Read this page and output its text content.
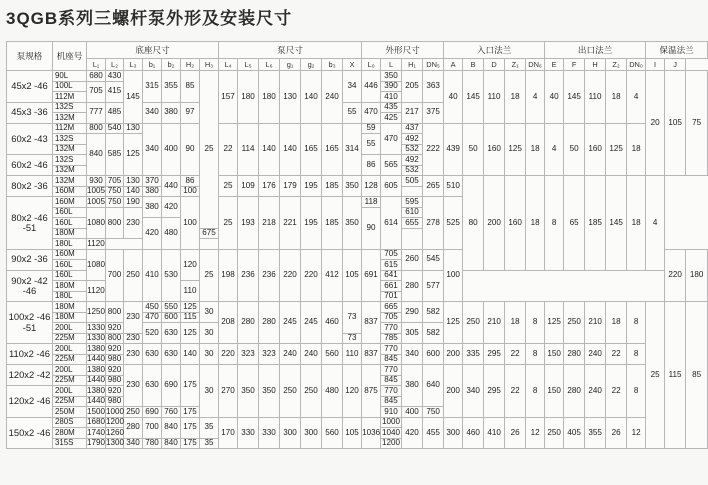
3QGB系列三螺杆泵外形及安装尺寸
泵规格	机座号	底座尺寸							泵尺寸							外形尺寸				入口法兰					出口法兰					保温法兰			
		L₁	L₂	L₃	b₁	b₂	H₂	H₃	L₄	L₅	L₆	g₁	g₂	b₃	X	L₀	L	H₁	DN₅	A	B	D	Z₁	DN₆	E	F	H	Z₂	DN₀	I	J		
45x2 -46	90L	680	430	145	315	355	85	25	157	180	180	130	140	240	34	446	350	205	363	40	145	110	18	4	40	145	110	18	4	20	105	75	
	100L	705	415														390																
	112M																410																
45x3 -36	132S	777	485		340	380	97								55	470	435	217	375														
	132M																425																
60x2 -43	112M	800	540	130	340	400	90		22	114	140	140	165	165	314	59	470	437	222	439	50	160	125	18	4	50	160	125	18	
	132S	840	585	125												55		492															
	132M																	532															
60x2 -46	132S															86	565	492															
	132M																	532															
80x2 -36	132M	930	705	130	370	440	86		25	109	176	179	195	185	350	128	605	505	265	510	80	200	160	18	8	65	185	145	18	4			
	160M	1005	750	140	380		100																										
80x2 -46 -51	160M	1005	750	190	380	420	100		25	193	218	221	195	185	350	118	614	595	278	525													
	160L	1080	800	230												90		610															
	160L				420	480												655															
	180M							675																									
	180L	1120																															
90x2 -36	160M	1080	700	250	410	530	120	25	198	236	236	220	220	412	105	691	705	260	545	100											220	180							
	160L																615																
90x2 -42 -46	160L																641	280	577														
	180M	1120					110										661																
	180L																701																
100x2 -46 -51	180M	1250	800	230	450	550	125	30	208	280	280	245	245	460	73	837	665	290	582	125	250	210	18	8	125	250	210	18	8	25	115	85	
	180M				470	600	115										705																
	200L	1330	920		520	630	125	30									770	305	582														
	225M	1330	800	230											73		785																
110x2 -46	200L	1380	920	230	630	630	140	30	220	323	323	240	240	560	110	837	770	340	600	200	335	295	22	8	150	280	240	22	8				
	225M	1440	980														845																
120x2 -42	200L	1380	920	230	630	690	175	30	270	350	350	250	250	480	120	875	770	380	640	200	340	295	22	8	150	280	240	22	8				
	225M	1440	980														845																
120x2 -46	200L	1380	920														770																
	225M	1440	980														845																
	250M	1500	1000	250	690	760	175										910	400	750														
150x2 -46	280S	1680	1200	280	700	840	175	35	170	330	330	300	300	560	105	1036	1000	420	455	300	460	410	26	12	250	405	355	26	12				
	280M	1740	1260														1040																
	315S	1790	1300	340	780	840	175	35									1200																
